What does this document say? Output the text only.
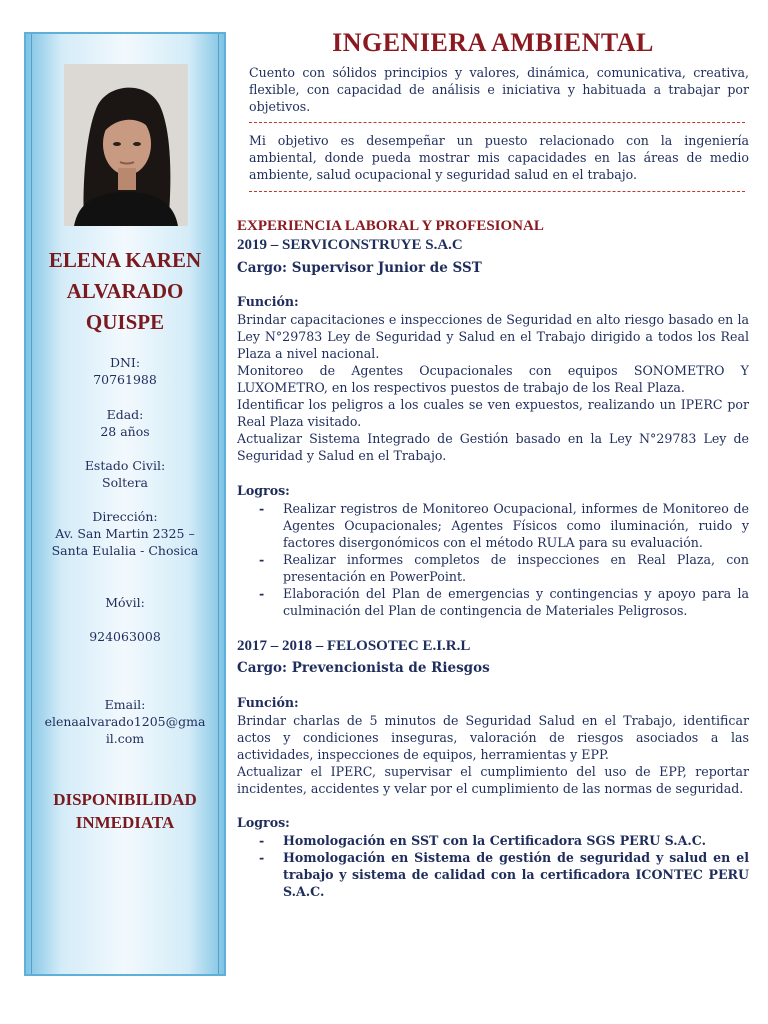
ELENA KAREN
ALVARADO
QUISPE
DNI:
70761988
Edad:
28 años
Estado Civil:
Soltera
Dirección:
Av. San Martin 2325 –
Santa Eulalia - Chosica
Móvil:
924063008
Email:
elenaalvarado1205@gma
il.com
DISPONIBILIDAD
INMEDIATA
INGENIERA AMBIENTAL
Cuento con sólidos principios y valores, dinámica, comunicativa, creativa, flexible, con capacidad de análisis e iniciativa y habituada a trabajar por objetivos.
Mi objetivo es desempeñar un puesto relacionado con la ingeniería ambiental, donde pueda mostrar mis capacidades en las áreas de medio ambiente, salud ocupacional y seguridad salud en el trabajo.
EXPERIENCIA LABORAL Y PROFESIONAL
2019 – SERVICONSTRUYE S.A.C
Cargo: Supervisor Junior de SST
Función:
Brindar capacitaciones e inspecciones de Seguridad en alto riesgo basado en la Ley N°29783 Ley de Seguridad y Salud en el Trabajo dirigido a todos los Real Plaza a nivel nacional.
Monitoreo de Agentes Ocupacionales con equipos SONOMETRO Y LUXOMETRO, en los respectivos puestos de trabajo de los Real Plaza.
Identificar los peligros a los cuales se ven expuestos, realizando un IPERC por Real Plaza visitado.
Actualizar Sistema Integrado de Gestión basado en la Ley N°29783 Ley de Seguridad y Salud en el Trabajo.
Logros:
- Realizar registros de Monitoreo Ocupacional, informes de Monitoreo de Agentes Ocupacionales; Agentes Físicos como iluminación, ruido y factores disergonómicos con el método RULA para su evaluación.
- Realizar informes completos de inspecciones en Real Plaza, con presentación en PowerPoint.
- Elaboración del Plan de emergencias y contingencias y apoyo para la culminación del Plan de contingencia de Materiales Peligrosos.
2017 – 2018 – FELOSOTEC E.I.R.L
Cargo: Prevencionista de Riesgos
Función:
Brindar charlas de 5 minutos de Seguridad Salud en el Trabajo, identificar actos y condiciones inseguras, valoración de riesgos asociados a las actividades, inspecciones de equipos, herramientas y EPP.
Actualizar el IPERC, supervisar el cumplimiento del uso de EPP, reportar incidentes, accidentes y velar por el cumplimiento de las normas de seguridad.
Logros:
- Homologación en SST con la Certificadora SGS PERU S.A.C.
- Homologación en Sistema de gestión de seguridad y salud en el trabajo y sistema de calidad con la certificadora ICONTEC PERU S.A.C.
